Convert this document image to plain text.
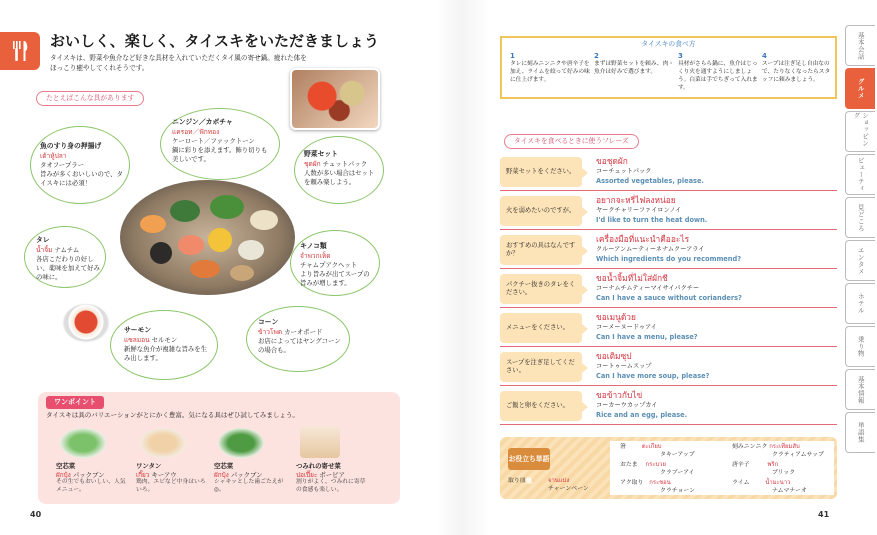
おいしく、楽しく、タイスキをいただきましょう
タイスキは、野菜や魚介など好きな具材を入れていただくタイ風の寄せ鍋。疲れた体をほっこり癒やしてくれそうです。
たとえばこんな具があります
魚のすり身の押揚げ
เต้าหู้ปลา
タオフープラー
旨みが多くおいしいので、タイスキには必須！
ニンジン／カボチャ
แครอท／ฟักทอง
ケーロート／ファックトーン
鍋に彩りを添えます。飾り切りも美しいです。
野菜セット
ชุดผัก チュットパック
人数が多い場合はセットを頼み楽しよう。
タレ
น้ำจิ้ม ナムチム
各店こだわりの好しい、薬味を加えて好みの味に。
キノコ類
จำพวกเห็ด
チャムプアクヘット
より旨みが出てスープの旨みが増します。
サーモン
แซลมอน セルモン
新鮮な魚介が複雑な旨みを生み出します。
コーン
ข้าวโพด カーオポード
お店によってはヤングコーンの場合も。
ワンポイント
タイスキは具のバリエーションがとにかく豊富。気になる具はぜひ試してみましょう。
空芯菜
ผักบุ้ง パックブン
その生でもおいしい、人気メニュー。
ワンタン
เกี๊ยว キーアウ
鶏肉、エビなど中身はいろいろ。
空芯菜
ผักบุ้ง パックブン
シャキッとした歯ごたえが◎。
つみれの寄せ菜
ปอเปี๊ยะ ポーピア
割りがよく、つみれに寄草の食感も楽しい。
40
タイスキの食べ方
1
タレに刻みニンニクや唐辛子を加え、ライムを絞って好みの味に仕上げます。
2
まずは野菜セットを頼み、肉・魚介は好みで選びます。
3
具材がさらら鍋に、魚介はじっくり火を通すようにしましょう。白菜は手でちぎって入れます。
4
スープは注ぎ足し自由なので、たりなくなったらスタッフに頼みましょう。
タイスキを食べるときに使うフレーズ
野菜セットをください。
ขอชุดผัก
コーチュットパック
Assorted vegetables, please.
火を弱めたいのですが。
อยากจะหรี่ไฟลงหน่อย
ヤークチャリーファイロンノイ
I'd like to turn the heat down.
おすすめの具はなんですか？
เครื่องมือที่แนะนำคืออะไร
クルーアンムーティーネナムクーアライ
Which ingredients do you recommend?
パクチー抜きのタレをください。
ขอน้ำจิ้มที่ไม่ใส่ผักชี
コーナムチムティーマイサイパクチー
Can I have a sauce without corianders?
メニューをください。
ขอเมนูด้วย
コーメーヌードゥアイ
Can I have a menu, please?
スープを注ぎ足してください。
ขอเติมซุป
コートゥームスップ
Can I have more soup, please?
ご飯と卵をください。
ขอข้าวกับไข่
コーカーウカップカイ
Rice and an egg, please.
お役立ち単語集
取り皿	จานแบ่ง
チャーンベーン
箸	ตะเกียบ
タキーアップ
おたま กระบวย
クラブーアイ
アク取り กระชอน
クラチョーン
刻みニンニク กระเทียมสับ
クラティアムサップ
唐辛子	พริก
プリック
ライム	น้ำมะนาว
ナムマナーオ
41
基本会話
グルメ
ショッピング
ビューティ
見どころ
エンタメ
ホテル
乗り物
基本情報
単語集
